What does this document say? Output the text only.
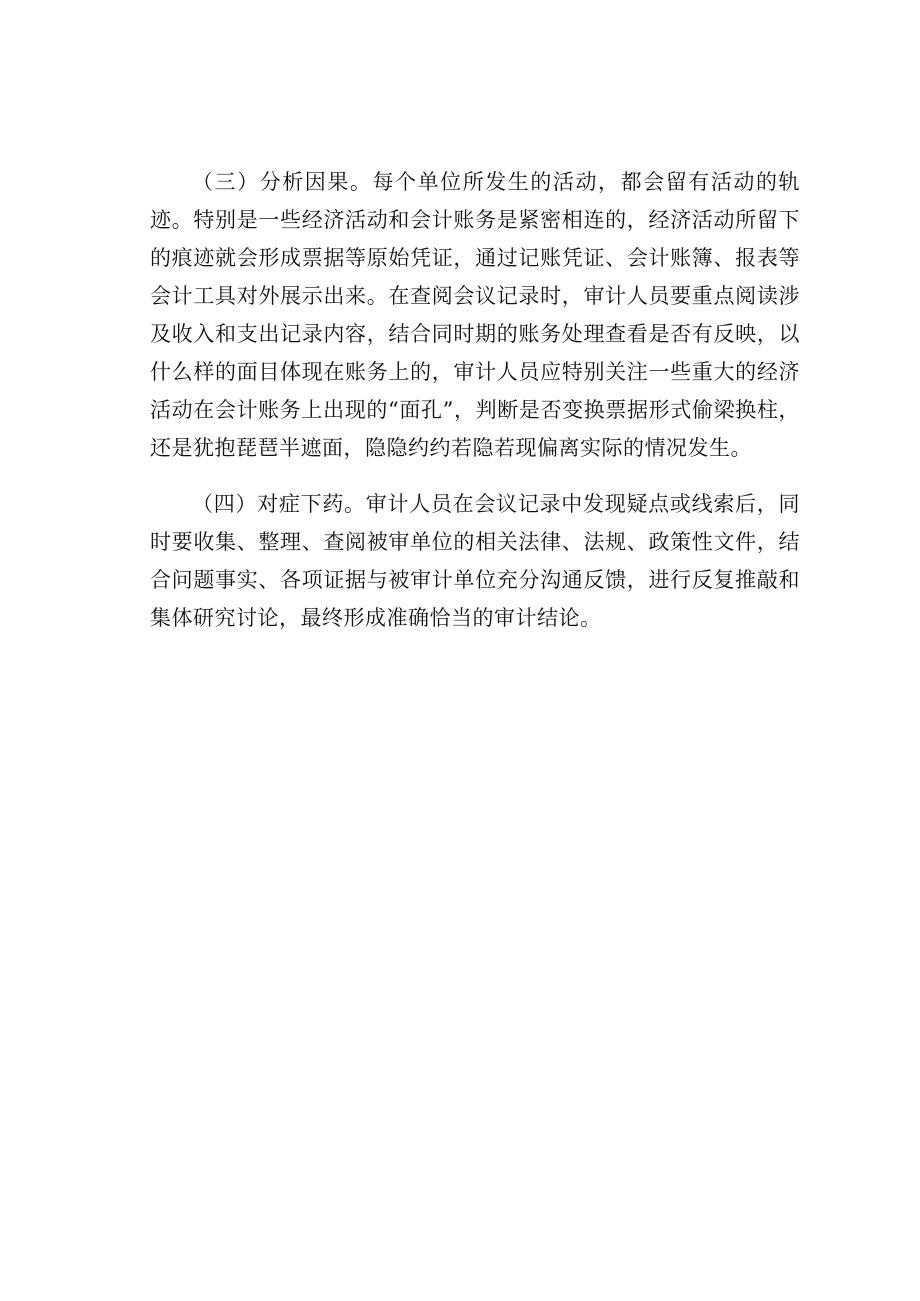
（三）分析因果。每个单位所发生的活动，都会留有活动的轨迹。特别是一些经济活动和会计账务是紧密相连的，经济活动所留下的痕迹就会形成票据等原始凭证，通过记账凭证、会计账簿、报表等会计工具对外展示出来。在查阅会议记录时，审计人员要重点阅读涉及收入和支出记录内容，结合同时期的账务处理查看是否有反映，以什么样的面目体现在账务上的，审计人员应特别关注一些重大的经济活动在会计账务上出现的“面孔”，判断是否变换票据形式偷梁换柱，还是犹抱琵琶半遮面，隐隐约约若隐若现偏离实际的情况发生。

（四）对症下药。审计人员在会议记录中发现疑点或线索后，同时要收集、整理、查阅被审单位的相关法律、法规、政策性文件，结合问题事实、各项证据与被审计单位充分沟通反馈，进行反复推敲和集体研究讨论，最终形成准确恰当的审计结论。
